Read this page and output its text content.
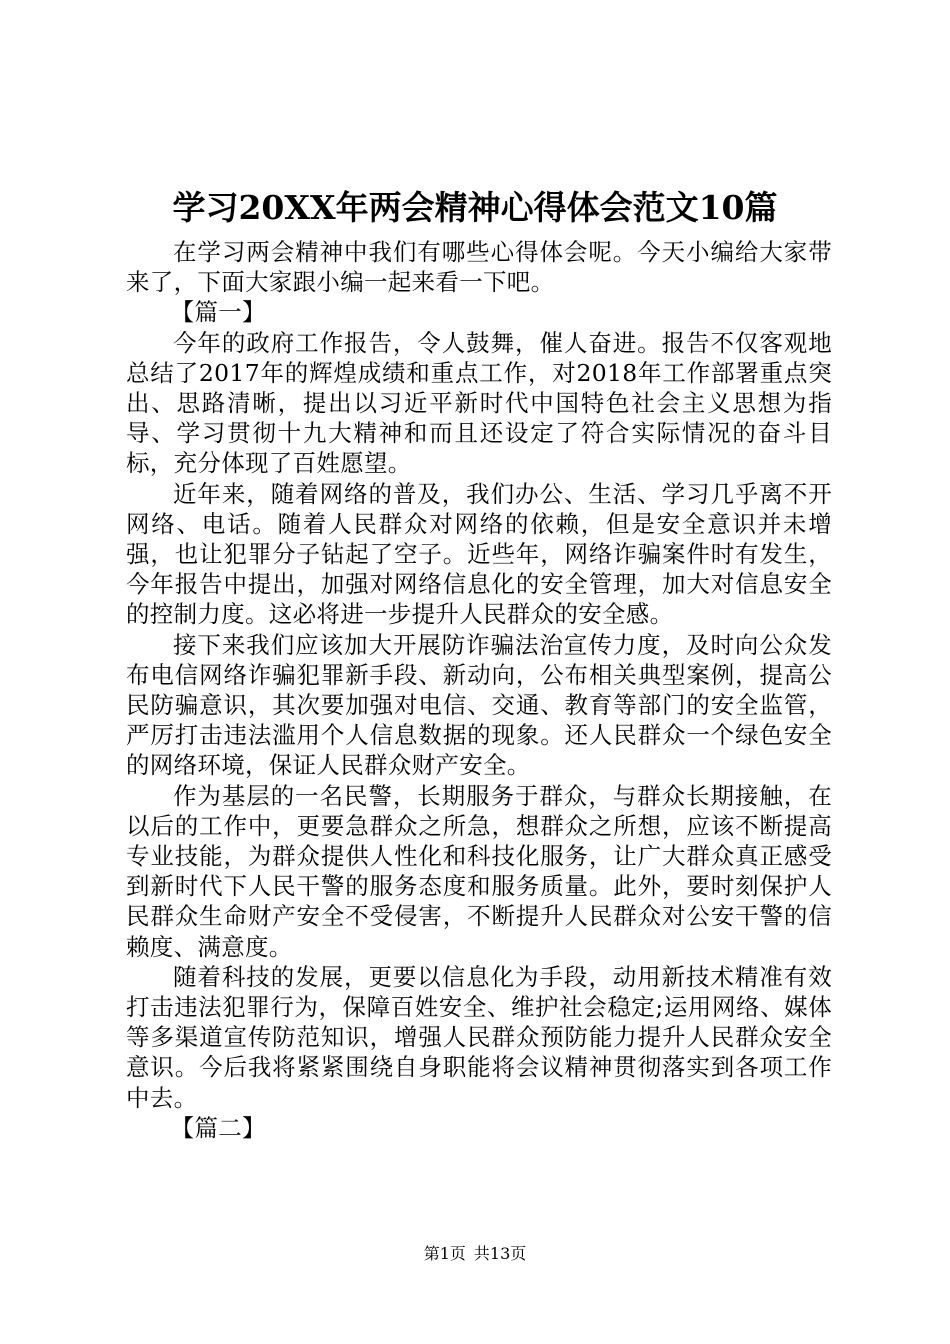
学习20XX年两会精神心得体会范文10篇

在学习两会精神中我们有哪些心得体会呢。今天小编给大家带来了，下面大家跟小编一起来看一下吧。

【篇一】

今年的政府工作报告，令人鼓舞，催人奋进。报告不仅客观地总结了2017年的辉煌成绩和重点工作，对2018年工作部署重点突出、思路清晰，提出以习近平新时代中国特色社会主义思想为指导、学习贯彻十九大精神和而且还设定了符合实际情况的奋斗目标，充分体现了百姓愿望。

近年来，随着网络的普及，我们办公、生活、学习几乎离不开网络、电话。随着人民群众对网络的依赖，但是安全意识并未增强，也让犯罪分子钻起了空子。近些年，网络诈骗案件时有发生，今年报告中提出，加强对网络信息化的安全管理，加大对信息安全的控制力度。这必将进一步提升人民群众的安全感。

接下来我们应该加大开展防诈骗法治宣传力度，及时向公众发布电信网络诈骗犯罪新手段、新动向，公布相关典型案例，提高公民防骗意识，其次要加强对电信、交通、教育等部门的安全监管，严厉打击违法滥用个人信息数据的现象。还人民群众一个绿色安全的网络环境，保证人民群众财产安全。

作为基层的一名民警，长期服务于群众，与群众长期接触，在以后的工作中，更要急群众之所急，想群众之所想，应该不断提高专业技能，为群众提供人性化和科技化服务，让广大群众真正感受到新时代下人民干警的服务态度和服务质量。此外，要时刻保护人民群众生命财产安全不受侵害，不断提升人民群众对公安干警的信赖度、满意度。

随着科技的发展，更要以信息化为手段，动用新技术精准有效打击违法犯罪行为，保障百姓安全、维护社会稳定;运用网络、媒体等多渠道宣传防范知识，增强人民群众预防能力提升人民群众安全意识。今后我将紧紧围绕自身职能将会议精神贯彻落实到各项工作中去。

【篇二】

第1页 共13页
